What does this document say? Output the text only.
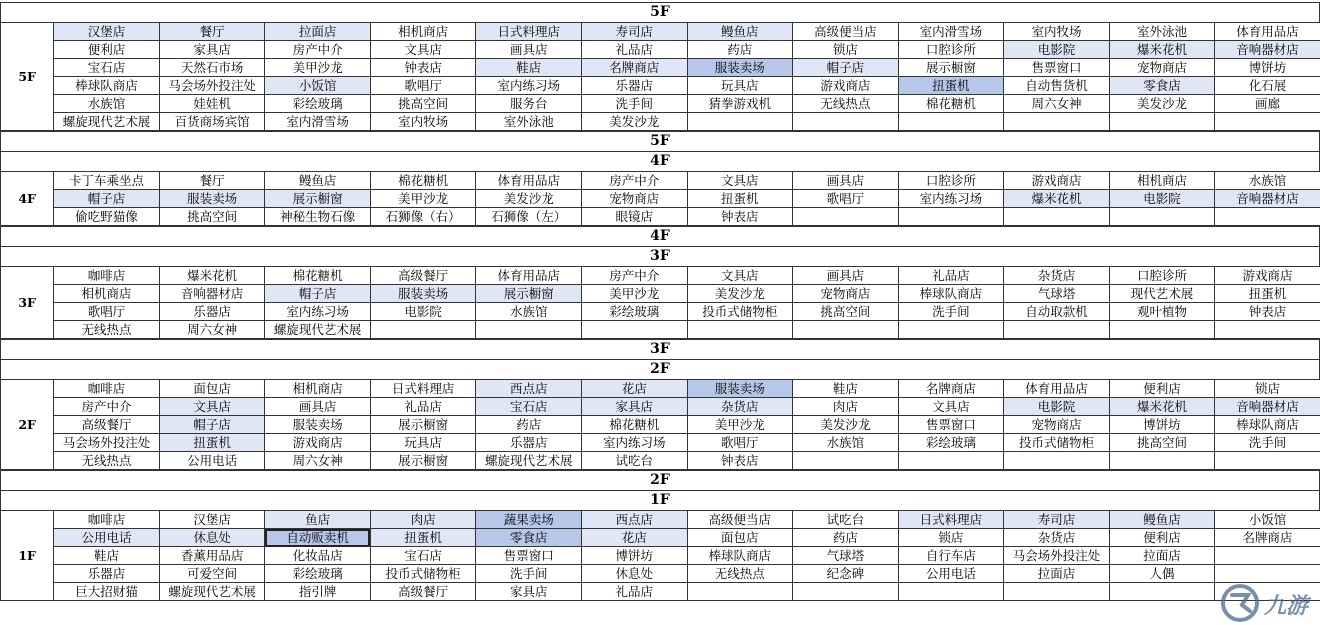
5F
5F	汉堡店	餐厅	拉面店	相机商店	日式料理店	寿司店	鳗鱼店	高级便当店	室内滑雪场	室内牧场	室外泳池	体育用品店
	便利店	家具店	房产中介	文具店	画具店	礼品店	药店	锁店	口腔诊所	电影院	爆米花机	音响器材店
	宝石店	天然石市场	美甲沙龙	钟表店	鞋店	名牌商店	服装卖场	帽子店	展示橱窗	售票窗口	宠物商店	博饼坊
	棒球队商店	马会场外投注处	小饭馆	歌唱厅	室内练习场	乐器店	玩具店	游戏商店	扭蛋机	自动售货机	零食店	化石展
	水族馆	娃娃机	彩绘玻璃	挑高空间	服务台	洗手间	猜拳游戏机	无线热点	棉花糖机	周六女神	美发沙龙	画廊
	螺旋现代艺术展	百货商场宾馆	室内滑雪场	室内牧场	室外泳池	美发沙龙						
5F
4F
4F	卡丁车乘坐点	餐厅	鳗鱼店	棉花糖机	体育用品店	房产中介	文具店	画具店	口腔诊所	游戏商店	相机商店	水族馆
	帽子店	服装卖场	展示橱窗	美甲沙龙	美发沙龙	宠物商店	扭蛋机	歌唱厅	室内练习场	爆米花机	电影院	音响器材店
	偷吃野猫像	挑高空间	神秘生物石像	石狮像（右）	石狮像（左）	眼镜店	钟表店					
4F
3F
3F	咖啡店	爆米花机	棉花糖机	高级餐厅	体育用品店	房产中介	文具店	画具店	礼品店	杂货店	口腔诊所	游戏商店
	相机商店	音响器材店	帽子店	服装卖场	展示橱窗	美甲沙龙	美发沙龙	宠物商店	棒球队商店	气球塔	现代艺术展	扭蛋机
	歌唱厅	乐器店	室内练习场	电影院	水族馆	彩绘玻璃	投币式储物柜	挑高空间	洗手间	自动取款机	观叶植物	钟表店
	无线热点	周六女神	螺旋现代艺术展									
3F
2F
2F	咖啡店	面包店	相机商店	日式料理店	西点店	花店	服装卖场	鞋店	名牌商店	体育用品店	便利店	锁店
	房产中介	文具店	画具店	礼品店	宝石店	家具店	杂货店	肉店	文具店	电影院	爆米花机	音响器材店
	高级餐厅	帽子店	服装卖场	展示橱窗	药店	棉花糖机	美甲沙龙	美发沙龙	售票窗口	宠物商店	博饼坊	棒球队商店
	马会场外投注处	扭蛋机	游戏商店	玩具店	乐器店	室内练习场	歌唱厅	水族馆	彩绘玻璃	投币式储物柜	挑高空间	洗手间
	无线热点	公用电话	周六女神	展示橱窗	螺旋现代艺术展	试吃台	钟表店					
2F
1F
1F	咖啡店	汉堡店	鱼店	肉店	蔬果卖场	西点店	高级便当店	试吃台	日式料理店	寿司店	鳗鱼店	小饭馆
	公用电话	休息处	自动贩卖机	扭蛋机	零食店	花店	面包店	药店	锁店	杂货店	便利店	名牌商店
	鞋店	香薰用品店	化妆品店	宝石店	售票窗口	博饼坊	棒球队商店	气球塔	自行车店	马会场外投注处	拉面店	
	乐器店	可爱空间	彩绘玻璃	投币式储物柜	洗手间	休息处	无线热点	纪念碑	公用电话	拉面店	人偶	
	巨大招财猫	螺旋现代艺术展	指引牌	高级餐厅	家具店	礼品店						
九游
